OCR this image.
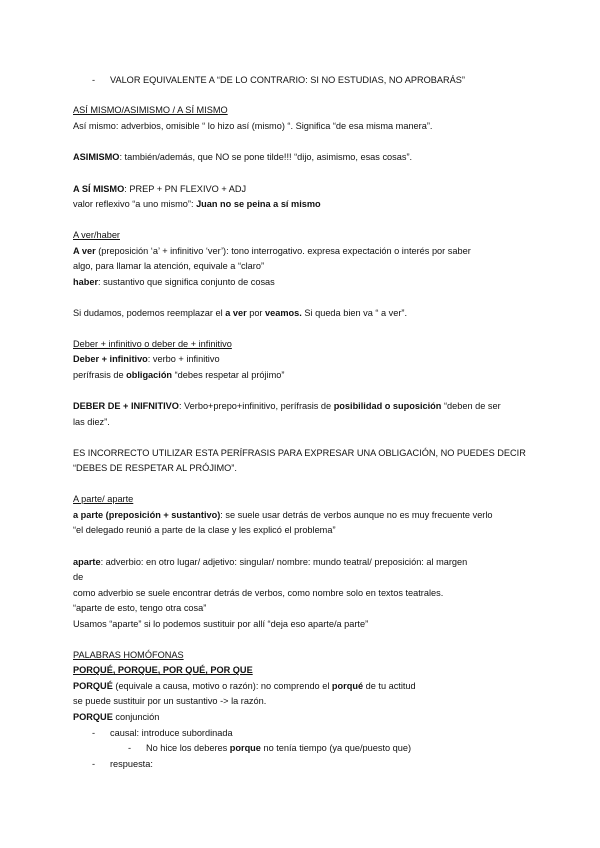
- VALOR EQUIVALENTE A “DE LO CONTRARIO: SI NO ESTUDIAS, NO APROBARÁS”
ASÍ MISMO/ASIMISMO / A SÍ MISMO
Así mismo: adverbios, omisible “ lo hizo así (mismo) “. Significa “de esa misma manera”.
ASIMISMO: también/además, que NO se pone tilde!!! “dijo, asimismo, esas cosas”.
A SÍ MISMO: PREP + PN FLEXIVO + ADJ
valor reflexivo “a uno mismo”: Juan no se peina a sí mismo
A ver/haber
A ver (preposición ‘a’ + infinitivo ‘ver’): tono interrogativo. expresa expectación o interés por saber
algo, para llamar la atención, equivale a “claro”
haber: sustantivo que significa conjunto de cosas
Si dudamos, podemos reemplazar el a ver por veamos. Si queda bien va “ a ver”.
Deber + infinitivo o deber de + infinitivo
Deber + infinitivo: verbo + infinitivo
perífrasis de obligación “debes respetar al prójimo”
DEBER DE + INIFNITIVO: Verbo+prepo+infinitivo, perífrasis de posibilidad o suposición “deben de ser
las diez”.
ES INCORRECTO UTILIZAR ESTA PERÍFRASIS PARA EXPRESAR UNA OBLIGACIÓN, NO PUEDES DECIR
“DEBES DE RESPETAR AL PRÓJIMO”.
A parte/ aparte
a parte (preposición + sustantivo): se suele usar detrás de verbos aunque no es muy frecuente verlo
“el delegado reunió a parte de la clase y les explicó el problema”
aparte: adverbio: en otro lugar/ adjetivo: singular/ nombre: mundo teatral/ preposición: al margen
de
como adverbio se suele encontrar detrás de verbos, como nombre solo en textos teatrales.
“aparte de esto, tengo otra cosa”
Usamos “aparte” si lo podemos sustituir por allí “deja eso aparte/a parte”
PALABRAS HOMÓFONAS
PORQUÉ, PORQUE, POR QUÉ, POR QUE
PORQUÉ (equivale a causa, motivo o razón): no comprendo el porqué de tu actitud
se puede sustituir por un sustantivo -> la razón.
PORQUE conjunción
- causal: introduce subordinada
- No hice los deberes porque no tenía tiempo (ya que/puesto que)
- respuesta:
